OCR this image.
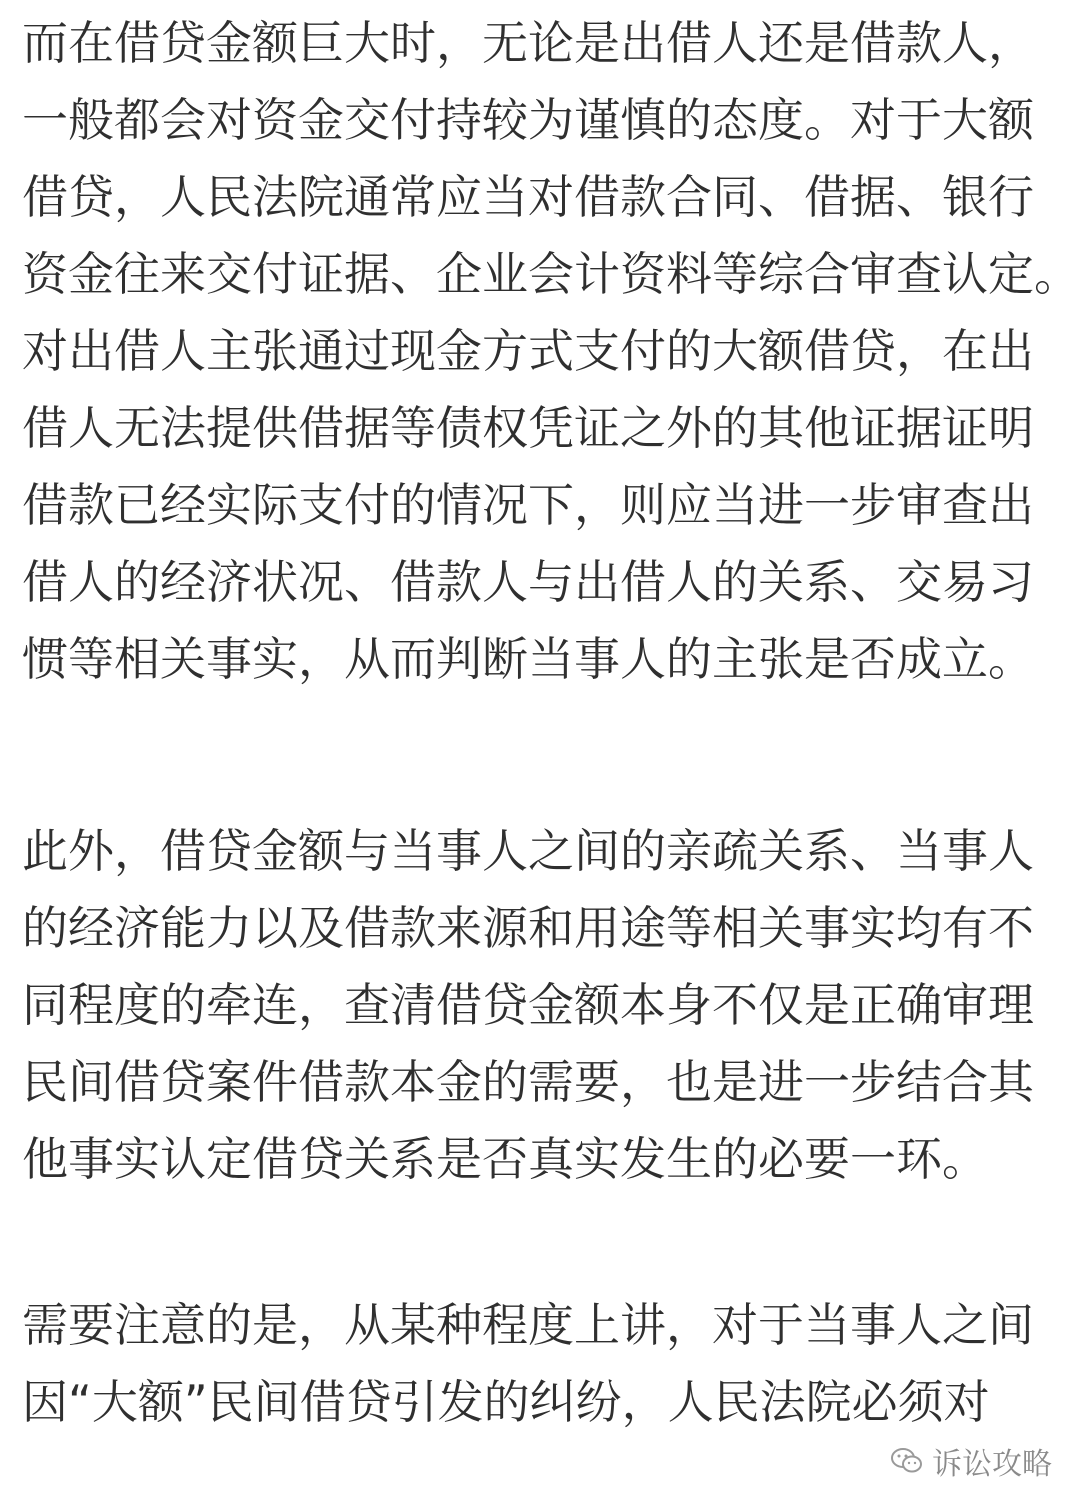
而在借贷金额巨大时，无论是出借人还是借款人，
一般都会对资金交付持较为谨慎的态度。对于大额
借贷，人民法院通常应当对借款合同、借据、银行
资金往来交付证据、企业会计资料等综合审查认定。
对出借人主张通过现金方式支付的大额借贷，在出
借人无法提供借据等债权凭证之外的其他证据证明
借款已经实际支付的情况下，则应当进一步审查出
借人的经济状况、借款人与出借人的关系、交易习
惯等相关事实，从而判断当事人的主张是否成立。
此外，借贷金额与当事人之间的亲疏关系、当事人
的经济能力以及借款来源和用途等相关事实均有不
同程度的牵连，查清借贷金额本身不仅是正确审理
民间借贷案件借款本金的需要，也是进一步结合其
他事实认定借贷关系是否真实发生的必要一环。
需要注意的是，从某种程度上讲，对于当事人之间
因“大额”民间借贷引发的纠纷，人民法院必须对
诉讼攻略
